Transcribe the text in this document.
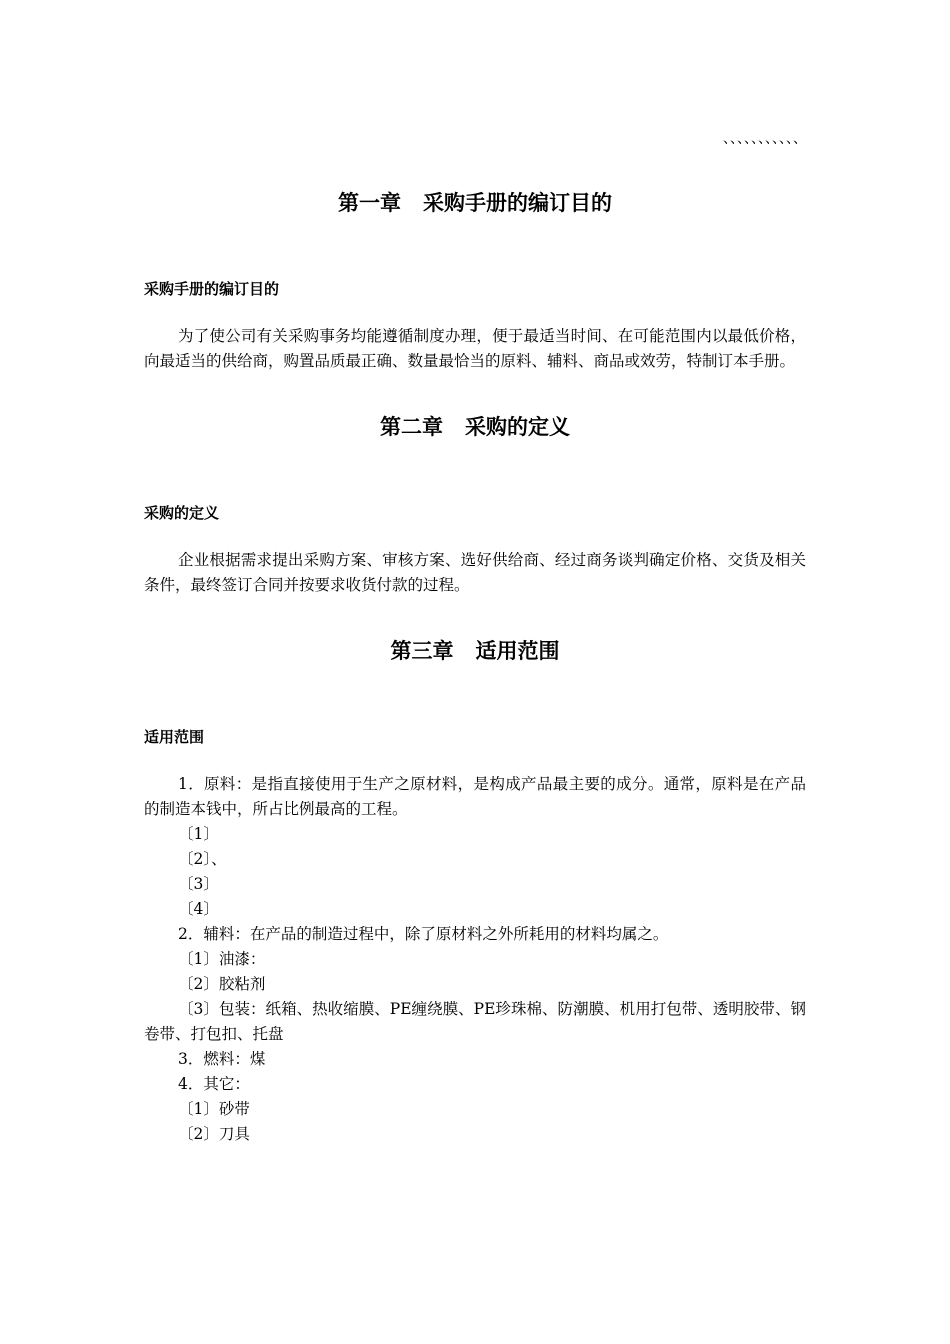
、、、、、、、、、、、
第一章   采购手册的编订目的
采购手册的编订目的
为了使公司有关采购事务均能遵循制度办理，便于最适当时间、在可能范围内以最低价格，向最适当的供给商，购置品质最正确、数量最恰当的原料、辅料、商品或效劳，特制订本手册。
第二章   采购的定义
采购的定义
企业根据需求提出采购方案、审核方案、选好供给商、经过商务谈判确定价格、交货及相关条件，最终签订合同并按要求收货付款的过程。
第三章   适用范围
适用范围
1．原料：是指直接使用于生产之原材料，是构成产品最主要的成分。通常，原料是在产品的制造本钱中，所占比例最高的工程。
〔1〕
〔2〕、
〔3〕
〔4〕
2．辅料：在产品的制造过程中，除了原材料之外所耗用的材料均属之。
〔1〕油漆：
〔2〕胶粘剂
〔3〕包装：纸箱、热收缩膜、PE缠绕膜、PE珍珠棉、防潮膜、机用打包带、透明胶带、钢卷带、打包扣、托盘
3．燃料：煤
4．其它：
〔1〕砂带
〔2〕刀具
